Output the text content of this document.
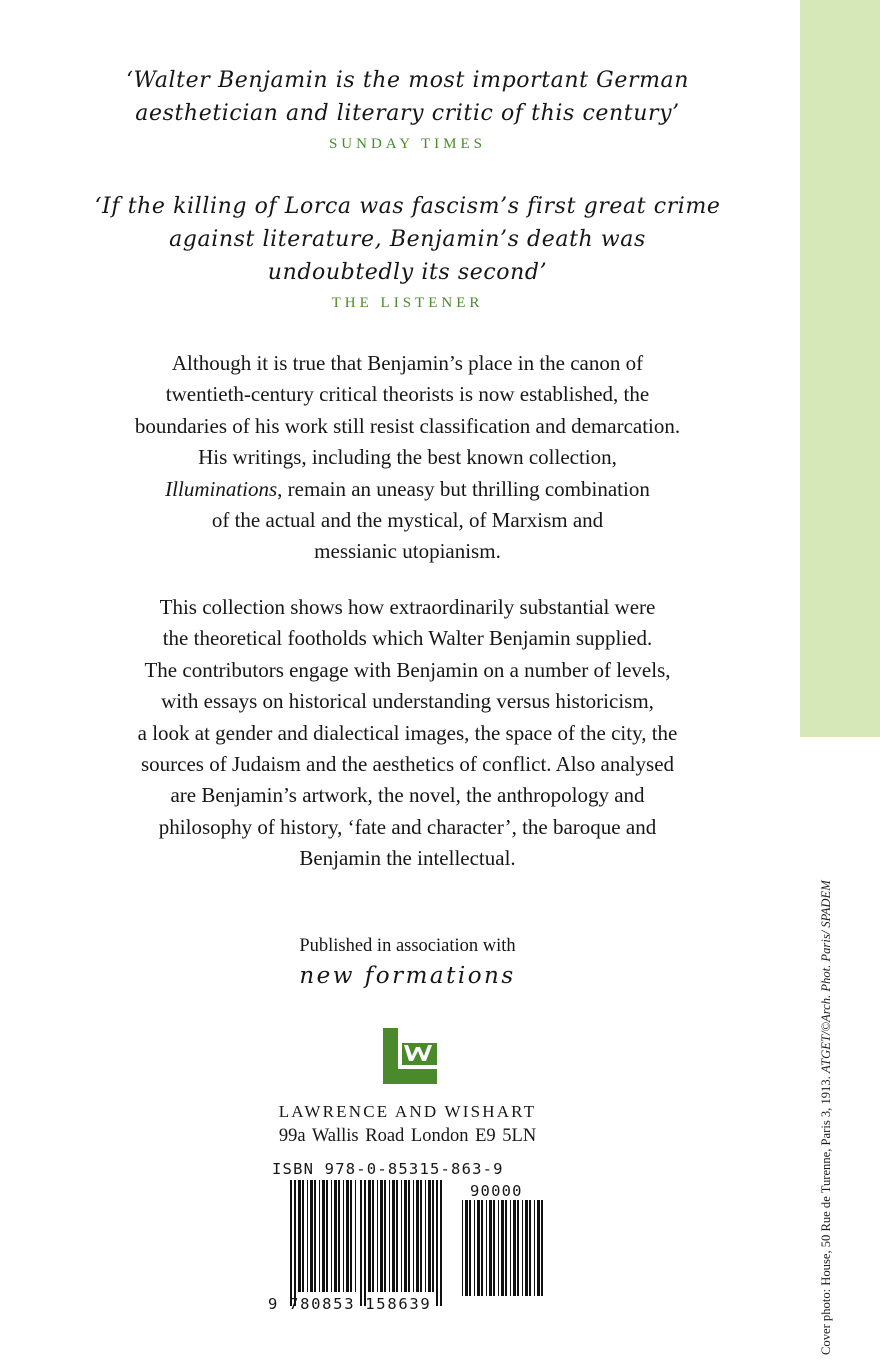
Cover photo: House, 50 Rue de Turenne, Paris 3, 1913. ATGET/©Arch. Phot. Paris/ SPADEM

‘Walter Benjamin is the most important German
aesthetician and literary critic of this century’

SUNDAY TIMES

‘If the killing of Lorca was fascism’s first great crime
against literature, Benjamin’s death was
undoubtedly its second’

THE LISTENER

Although it is true that Benjamin’s place in the canon of
twentieth-century critical theorists is now established, the
boundaries of his work still resist classification and demarcation.
His writings, including the best known collection,
Illuminations, remain an uneasy but thrilling combination
of the actual and the mystical, of Marxism and
messianic utopianism.

This collection shows how extraordinarily substantial were
the theoretical footholds which Walter Benjamin supplied.
The contributors engage with Benjamin on a number of levels,
with essays on historical understanding versus historicism,
a look at gender and dialectical images, the space of the city, the
sources of Judaism and the aesthetics of conflict. Also analysed
are Benjamin’s artwork, the novel, the anthropology and
philosophy of history, ‘fate and character’, the baroque and
Benjamin the intellectual.

Published in association with

new formations

LAWRENCE AND WISHART

99a Wallis Road London E9 5LN

ISBN 978-0-85315-863-9
90000
9 780853 158639
